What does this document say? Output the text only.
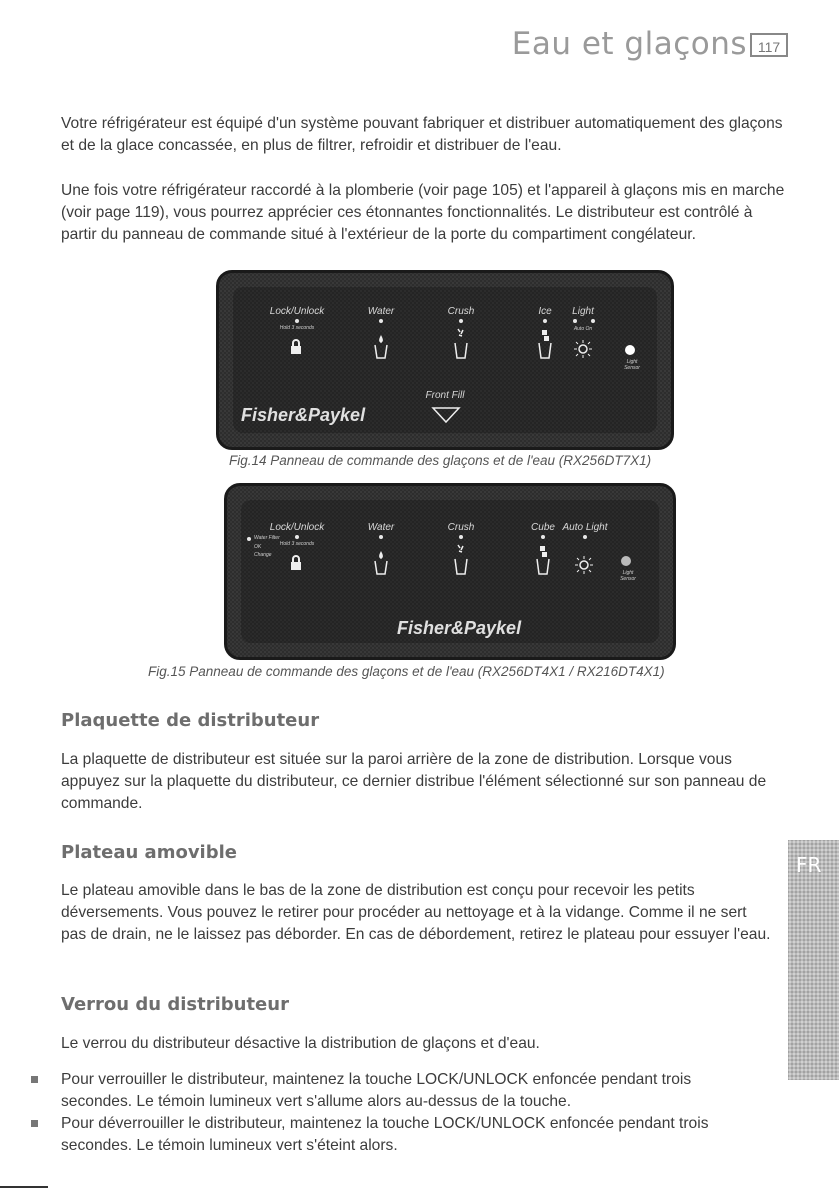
Eau et glaçons 117

Votre réfrigérateur est équipé d'un système pouvant fabriquer et distribuer automatiquement des glaçons et de la glace concassée, en plus de filtrer, refroidir et distribuer de l'eau.

Une fois votre réfrigérateur raccordé à la plomberie (voir page 105) et l'appareil à glaçons mis en marche (voir page 119), vous pourrez apprécier ces étonnantes fonctionnalités. Le distributeur est contrôlé à partir du panneau de commande situé à l'extérieur de la porte du compartiment congélateur.

Lock/Unlock
Hold 3 seconds
Water	Crush	Ice	Light
Auto On
Light Sensor
Front Fill
Fisher&Paykel
Fig.14 Panneau de commande des glaçons et de l'eau (RX256DT7X1)
Water Filter
OK
Change
Lock/Unlock
Hold 3 seconds
Water	Crush	Cube Auto Light
Light Sensor
Fisher&Paykel
Fig.15 Panneau de commande des glaçons et de l'eau (RX256DT4X1 / RX216DT4X1)
Plaquette de distributeur

La plaquette de distributeur est située sur la paroi arrière de la zone de distribution. Lorsque vous appuyez sur la plaquette du distributeur, ce dernier distribue l'élément sélectionné sur son panneau de commande.

Plateau amovible

Le plateau amovible dans le bas de la zone de distribution est conçu pour recevoir les petits déversements. Vous pouvez le retirer pour procéder au nettoyage et à la vidange. Comme il ne sert pas de drain, ne le laissez pas déborder. En cas de débordement, retirez le plateau pour essuyer l'eau.

Verrou du distributeur

Le verrou du distributeur désactive la distribution de glaçons et d'eau.

Pour verrouiller le distributeur, maintenez la touche LOCK/UNLOCK enfoncée pendant trois secondes. Le témoin lumineux vert s'allume alors au-dessus de la touche.

Pour déverrouiller le distributeur, maintenez la touche LOCK/UNLOCK enfoncée pendant trois secondes. Le témoin lumineux vert s'éteint alors.

FR
